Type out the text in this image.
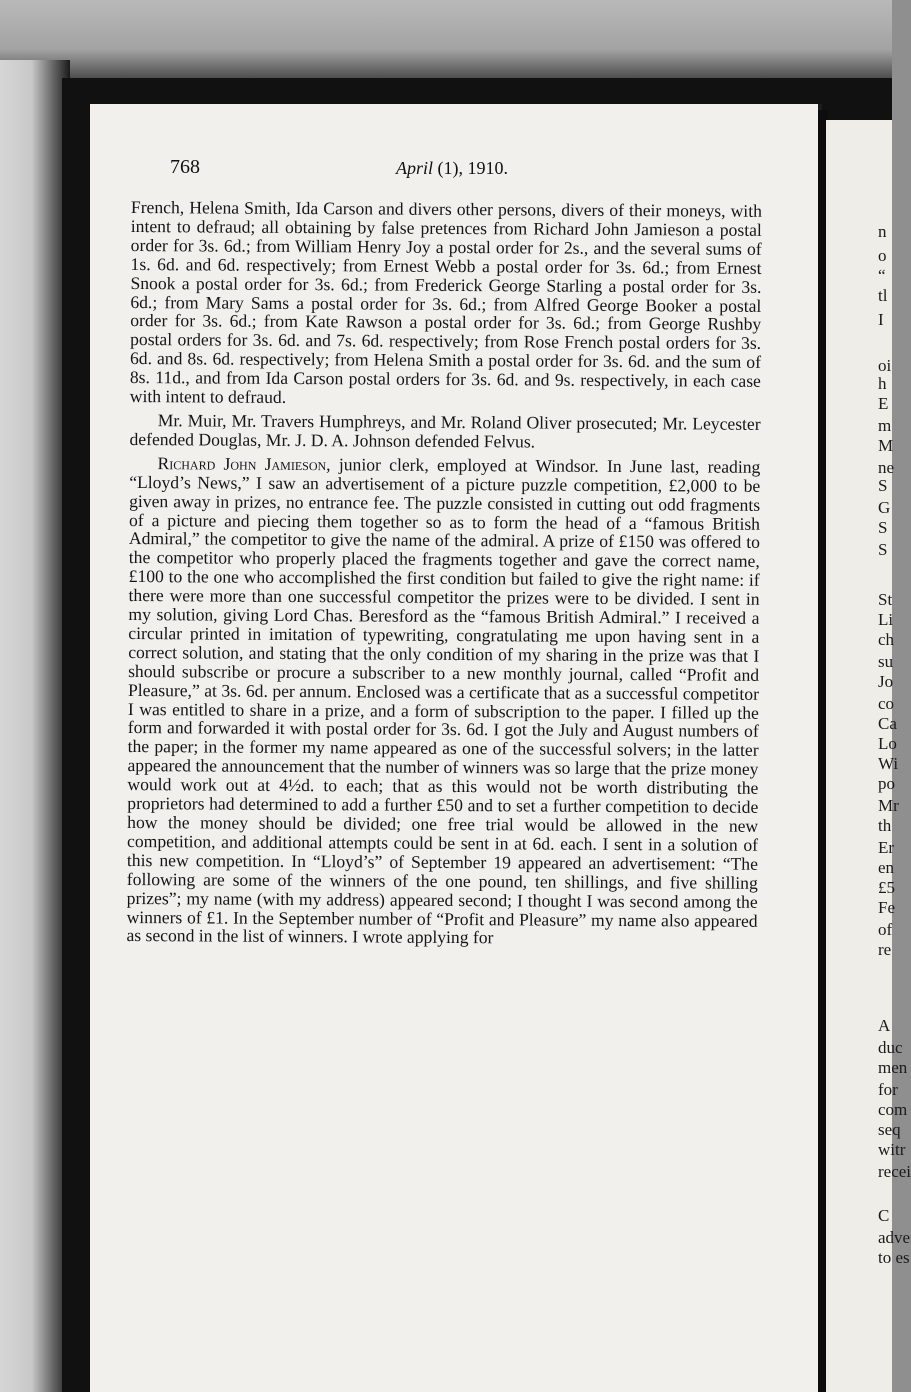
768	April (1), 1910.

French, Helena Smith, Ida Carson and divers other persons, divers of their moneys, with intent to defraud; all obtaining by false pretences from Richard John Jamieson a postal order for 3s. 6d.; from William Henry Joy a postal order for 2s., and the several sums of 1s. 6d. and 6d. respectively; from Ernest Webb a postal order for 3s. 6d.; from Ernest Snook a postal order for 3s. 6d.; from Frederick George Starling a postal order for 3s. 6d.; from Mary Sams a postal order for 3s. 6d.; from Alfred George Booker a postal order for 3s. 6d.; from Kate Rawson a postal order for 3s. 6d.; from George Rushby postal orders for 3s. 6d. and 7s. 6d. respectively; from Rose French postal orders for 3s. 6d. and 8s. 6d. respectively; from Helena Smith a postal order for 3s. 6d. and the sum of 8s. 11d., and from Ida Carson postal orders for 3s. 6d. and 9s. respectively, in each case with intent to defraud.

Mr. Muir, Mr. Travers Humphreys, and Mr. Roland Oliver prosecuted; Mr. Leycester defended Douglas, Mr. J. D. A. Johnson defended Felvus.

Richard John Jamieson, junior clerk, employed at Windsor. In June last, reading “Lloyd’s News,” I saw an advertisement of a picture puzzle competition, £2,000 to be given away in prizes, no entrance fee. The puzzle consisted in cutting out odd fragments of a picture and piecing them together so as to form the head of a “famous British Admiral,” the competitor to give the name of the admiral. A prize of £150 was offered to the competitor who properly placed the fragments together and gave the correct name, £100 to the one who accomplished the first condition but failed to give the right name: if there were more than one successful competitor the prizes were to be divided. I sent in my solution, giving Lord Chas. Beresford as the “famous British Admiral.” I received a circular printed in imitation of typewriting, congratulating me upon having sent in a correct solution, and stating that the only condition of my sharing in the prize was that I should subscribe or procure a subscriber to a new monthly journal, called “Profit and Pleasure,” at 3s. 6d. per annum. Enclosed was a certificate that as a successful competitor I was entitled to share in a prize, and a form of subscription to the paper. I filled up the form and forwarded it with postal order for 3s. 6d. I got the July and August numbers of the paper; in the former my name appeared as one of the successful solvers; in the latter appeared the announcement that the number of winners was so large that the prize money would work out at 4½d. to each; that as this would not be worth distributing the proprietors had determined to add a further £50 and to set a further competition to decide how the money should be divided; one free trial would be allowed in the new competition, and additional attempts could be sent in at 6d. each. I sent in a solution of this new competition. In “Lloyd’s” of September 19 appeared an advertisement: “The following are some of the winners of the one pound, ten shillings, and five shilling prizes”; my name (with my address) appeared second; I thought I was second among the winners of £1. In the September number of “Profit and Pleasure” my name also appeared as second in the list of winners. I wrote applying for

n
o
“
tl
I
oi
h
E
m
M
ne
S
G
S
S
St
Li
ch
su
Jo
co
Ca
Lo
Wi
po
Mr
th
Er
en
£5
Fe
of
re
A
duc
men
for
com
seq
witr
recei
C
adve
to es
